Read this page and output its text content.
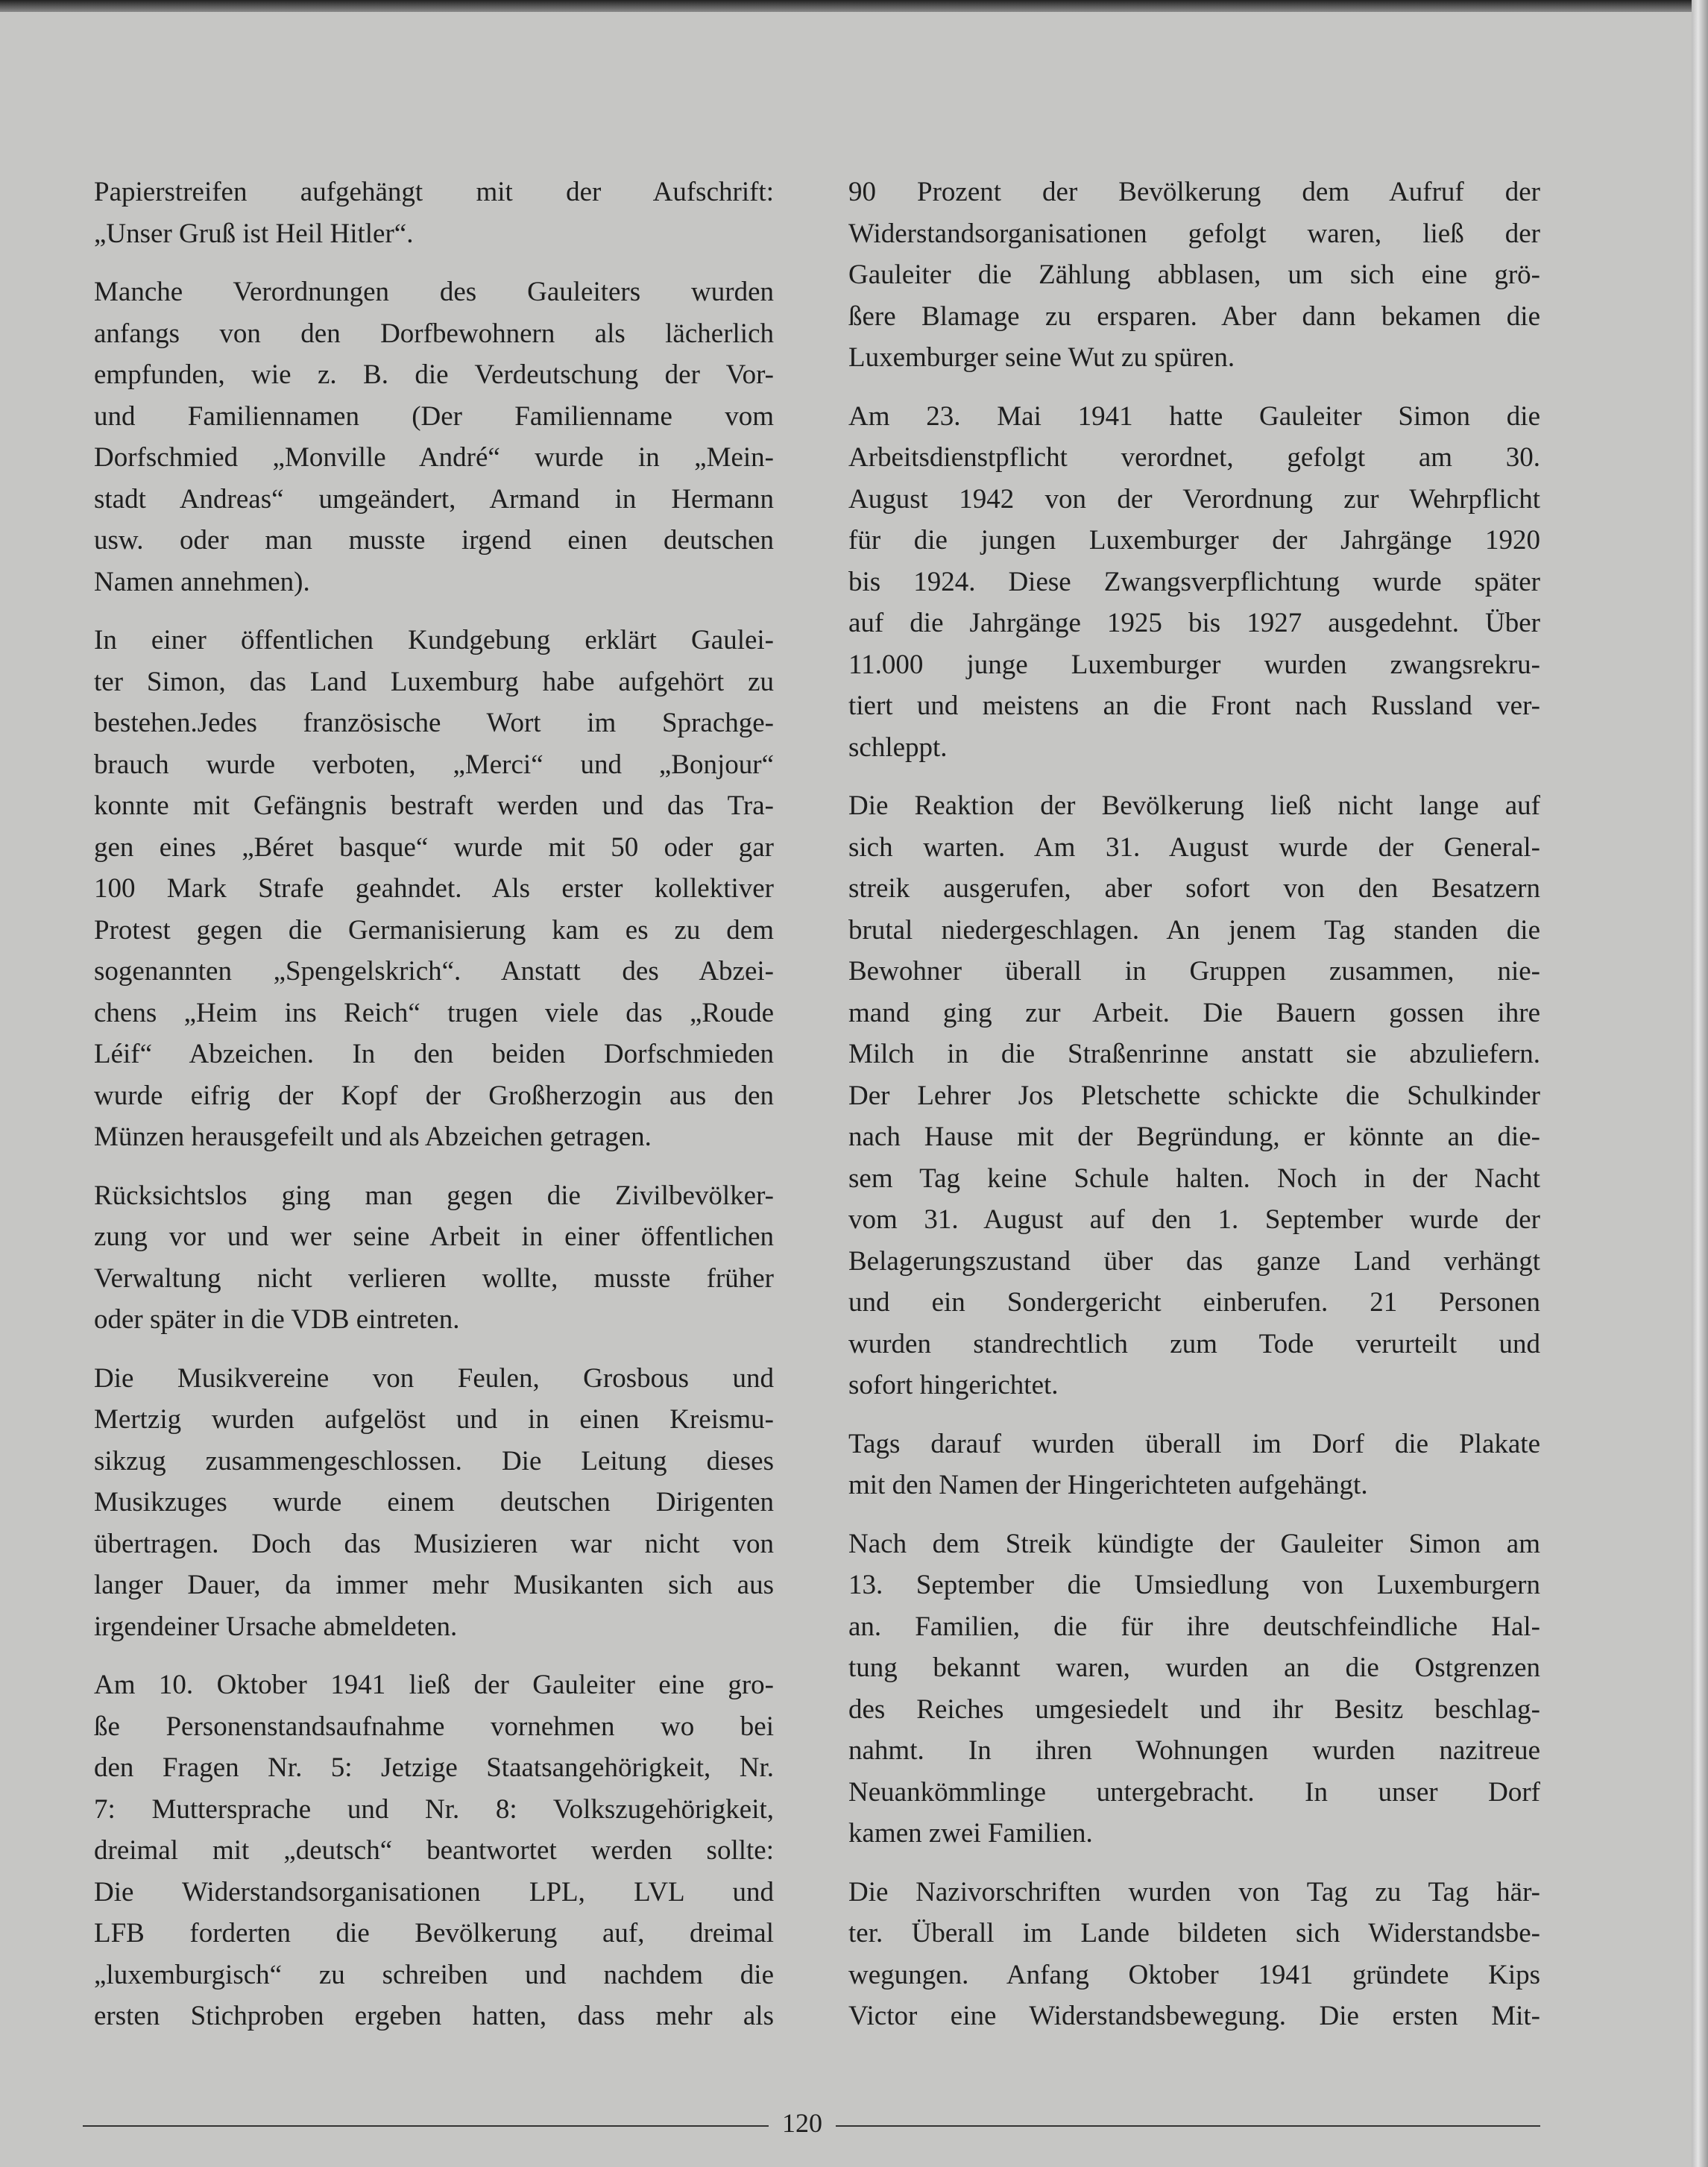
Papierstreifen aufgehängt mit der Aufschrift:
„Unser Gruß ist Heil Hitler“.
Manche Verordnungen des Gauleiters wurden
anfangs von den Dorfbewohnern als lächerlich
empfunden, wie z. B. die Verdeutschung der Vor-
und Familiennamen (Der Familienname vom
Dorfschmied „Monville André“ wurde in „Mein-
stadt Andreas“ umgeändert, Armand in Hermann
usw. oder man musste irgend einen deutschen
Namen annehmen).
In einer öffentlichen Kundgebung erklärt Gaulei-
ter Simon, das Land Luxemburg habe aufgehört zu
bestehen.Jedes französische Wort im Sprachge-
brauch wurde verboten, „Merci“ und „Bonjour“
konnte mit Gefängnis bestraft werden und das Tra-
gen eines „Béret basque“ wurde mit 50 oder gar
100 Mark Strafe geahndet. Als erster kollektiver
Protest gegen die Germanisierung kam es zu dem
sogenannten „Spengelskrich“. Anstatt des Abzei-
chens „Heim ins Reich“ trugen viele das „Roude
Léif“ Abzeichen. In den beiden Dorfschmieden
wurde eifrig der Kopf der Großherzogin aus den
Münzen herausgefeilt und als Abzeichen getragen.
Rücksichtslos ging man gegen die Zivilbevölker-
zung vor und wer seine Arbeit in einer öffentlichen
Verwaltung nicht verlieren wollte, musste früher
oder später in die VDB eintreten.
Die Musikvereine von Feulen, Grosbous und
Mertzig wurden aufgelöst und in einen Kreismu-
sikzug zusammengeschlossen. Die Leitung dieses
Musikzuges wurde einem deutschen Dirigenten
übertragen. Doch das Musizieren war nicht von
langer Dauer, da immer mehr Musikanten sich aus
irgendeiner Ursache abmeldeten.
Am 10. Oktober 1941 ließ der Gauleiter eine gro-
ße Personenstandsaufnahme vornehmen wo bei
den Fragen Nr. 5: Jetzige Staatsangehörigkeit, Nr.
7: Muttersprache und Nr. 8: Volkszugehörigkeit,
dreimal mit „deutsch“ beantwortet werden sollte:
Die Widerstandsorganisationen LPL, LVL und
LFB forderten die Bevölkerung auf, dreimal
„luxemburgisch“ zu schreiben und nachdem die
ersten Stichproben ergeben hatten, dass mehr als
90 Prozent der Bevölkerung dem Aufruf der
Widerstandsorganisationen gefolgt waren, ließ der
Gauleiter die Zählung abblasen, um sich eine grö-
ßere Blamage zu ersparen. Aber dann bekamen die
Luxemburger seine Wut zu spüren.
Am 23. Mai 1941 hatte Gauleiter Simon die
Arbeitsdienstpflicht verordnet, gefolgt am 30.
August 1942 von der Verordnung zur Wehrpflicht
für die jungen Luxemburger der Jahrgänge 1920
bis 1924. Diese Zwangsverpflichtung wurde später
auf die Jahrgänge 1925 bis 1927 ausgedehnt. Über
11.000 junge Luxemburger wurden zwangsrekru-
tiert und meistens an die Front nach Russland ver-
schleppt.
Die Reaktion der Bevölkerung ließ nicht lange auf
sich warten. Am 31. August wurde der General-
streik ausgerufen, aber sofort von den Besatzern
brutal niedergeschlagen. An jenem Tag standen die
Bewohner überall in Gruppen zusammen, nie-
mand ging zur Arbeit. Die Bauern gossen ihre
Milch in die Straßenrinne anstatt sie abzuliefern.
Der Lehrer Jos Pletschette schickte die Schulkinder
nach Hause mit der Begründung, er könnte an die-
sem Tag keine Schule halten. Noch in der Nacht
vom 31. August auf den 1. September wurde der
Belagerungszustand über das ganze Land verhängt
und ein Sondergericht einberufen. 21 Personen
wurden standrechtlich zum Tode verurteilt und
sofort hingerichtet.
Tags darauf wurden überall im Dorf die Plakate
mit den Namen der Hingerichteten aufgehängt.
Nach dem Streik kündigte der Gauleiter Simon am
13. September die Umsiedlung von Luxemburgern
an. Familien, die für ihre deutschfeindliche Hal-
tung bekannt waren, wurden an die Ostgrenzen
des Reiches umgesiedelt und ihr Besitz beschlag-
nahmt. In ihren Wohnungen wurden nazitreue
Neuankömmlinge untergebracht. In unser Dorf
kamen zwei Familien.
Die Nazivorschriften wurden von Tag zu Tag här-
ter. Überall im Lande bildeten sich Widerstandsbe-
wegungen. Anfang Oktober 1941 gründete Kips
Victor eine Widerstandsbewegung. Die ersten Mit-
120
